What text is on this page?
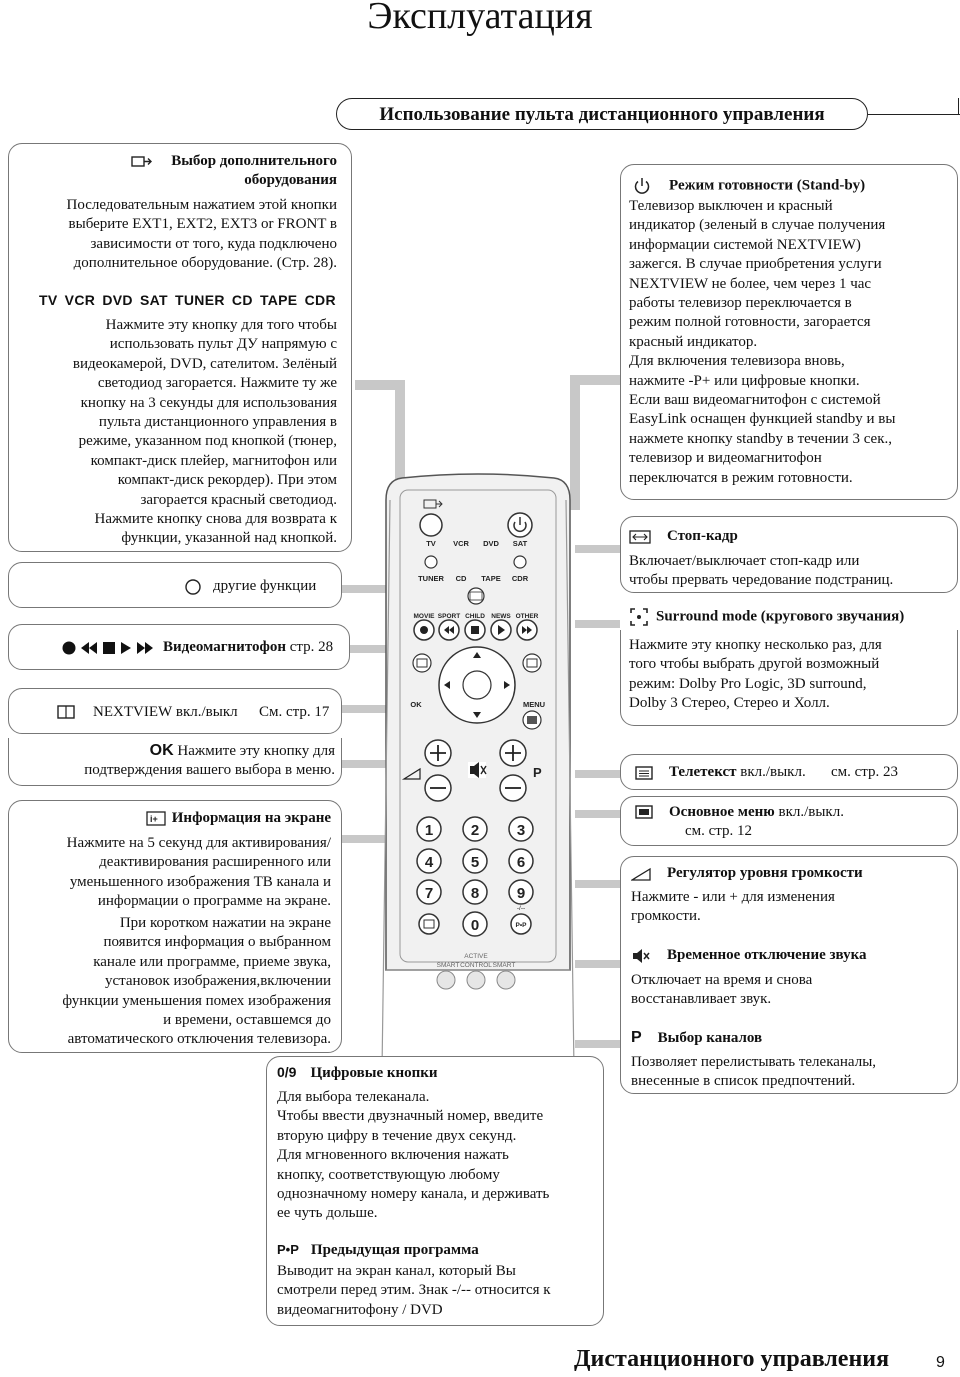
Эксплуатация
Использование пульта дистанционного управления
TV VCR DVD SAT
TUNER CD TAPE CDR
MOVIE SPORT CHILD NEWS OTHER
OK	MENU
P
1	2	3
4	5	6
7	8	9
0	P•P
-/--
ACTIVE
SMART CONTROL SMART
Выбор дополнительного
оборудования
Последовательным нажатием этой кнопки
выберите EXT1, EXT2, EXT3 or FRONT в
зависимости от того, куда подключено
дополнительное оборудование. (Стр. 28).
TV VCR DVD SAT TUNER CD TAPE CDR
Нажмите эту кнопку для того чтобы
использовать пульт ДУ напрямую с
видеокамерой, DVD, сателитом. Зелёный
светодиод загорается. Нажмите ту же
кнопку на 3 секунды для использования
пульта дистанционного управления в
режиме, указанном под кнопкой (тюнер,
компакт-диск плейер, магнитофон или
компакт-диск рекордер). При этом
загорается красный светодиод.
Нажмите кнопку снова для возврата к
функции, указанной над кнопкой.
другие функции
Видеомагнитофон стр. 28
NEXTVIEW вкл./выкл См. стр. 17
OK Нажмите эту кнопку для
подтверждения вашего выбора в меню.
i+ Информация на экране
Нажмите на 5 секунд для активирования/
деактивирования расширенного или
уменьшенного изображения ТВ канала и
информации о программе на экране.
При коротком нажатии на экране
появится информация о выбранном
канале или программе, приеме звука,
установок изображения,включении
функции уменьшения помех изображения
и времени, оставшемся до
автоматического отключения телевизора.
0/9 Цифровые кнопки
Для выбора телеканала.
Чтобы ввести двузначный номер, введите
вторую цифру в течение двух секунд.
Для мгновенного включения нажать
кнопку, соответствующую любому
однозначному номеру канала, и держивать
ее чуть дольше.
P•P Предыдущая программа
Выводит на экран канал, который Вы
смотрели перед этим. Знак -/-- относится к
видеомагнитофону / DVD
Режим готовности (Stand-by)
Телевизор выключен и красный
индикатор (зеленый в случае получения
информации системой NEXTVIEW)
зажегся. В случае приобретения услуги
NEXTVIEW не более, чем через 1 час
работы телевизор переключается в
режим полной готовности, загорается
красный индикатор.
Для включения телевизора вновь,
нажмите -P+ или цифровые кнопки.
Если ваш видеомагнитофон с системой
EasyLink оснащен функцией standby и вы
нажмете кнопку standby в течении 3 сек.,
телевизор и видеомагнитофон
переключатся в режим готовности.
Стоп-кадр
Включает/выключает стоп-кадр или
чтобы прервать чередование подстраниц.
Surround mode (кругового звучания)
Нажмите эту кнопку несколько раз, для
того чтобы выбрать другой возможный
режим: Dolby Pro Logic, 3D surround,
Dolby 3 Стерео, Стерео и Холл.
Телетекст вкл./выкл. см. стр. 23
Основное меню вкл./выкл.
см. стр. 12
Регулятор уровня громкости
Нажмите - или + для изменения
громкости.
Временное отключение звука
Отключает на время и снова
восстанавливает звук.
P Выбор каналов
Позволяет перелистывать телеканалы,
внесенные в список предпочтений.
Дистанционного управления	9
